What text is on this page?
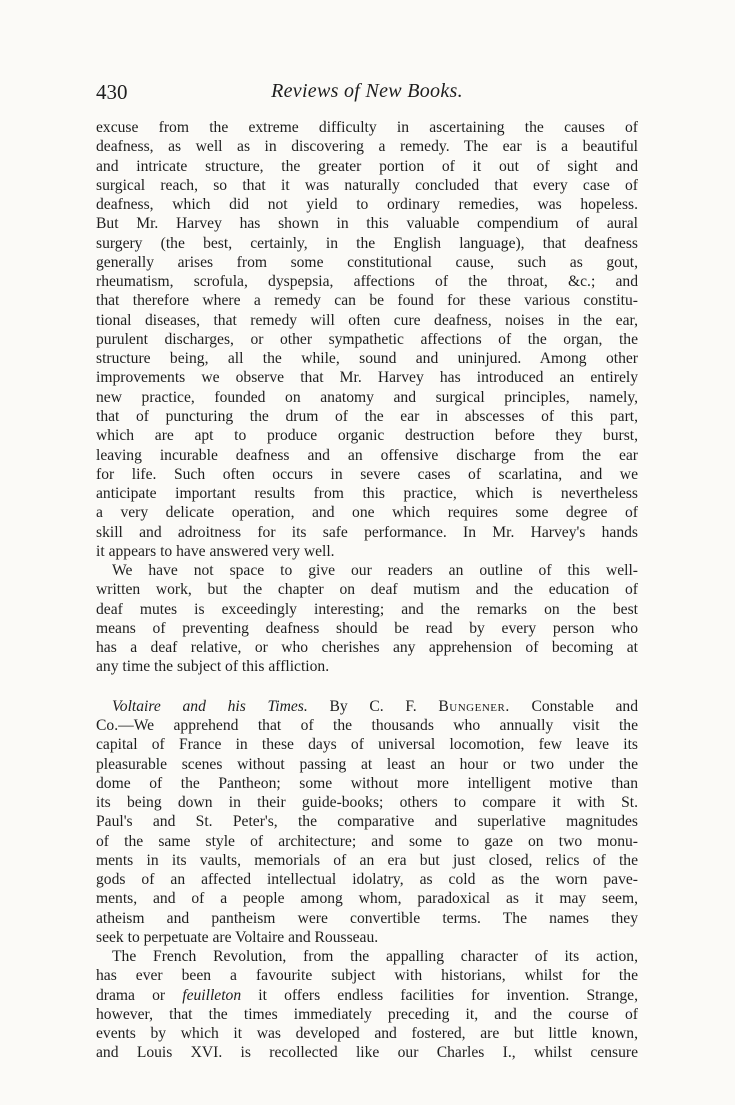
430	Reviews of New Books.
excuse from the extreme difficulty in ascertaining the causes of
deafness, as well as in discovering a remedy. The ear is a beautiful
and intricate structure, the greater portion of it out of sight and
surgical reach, so that it was naturally concluded that every case of
deafness, which did not yield to ordinary remedies, was hopeless.
But Mr. Harvey has shown in this valuable compendium of aural
surgery (the best, certainly, in the English language), that deafness
generally arises from some constitutional cause, such as gout,
rheumatism, scrofula, dyspepsia, affections of the throat, &c.; and
that therefore where a remedy can be found for these various constitu-
tional diseases, that remedy will often cure deafness, noises in the ear,
purulent discharges, or other sympathetic affections of the organ, the
structure being, all the while, sound and uninjured. Among other
improvements we observe that Mr. Harvey has introduced an entirely
new practice, founded on anatomy and surgical principles, namely,
that of puncturing the drum of the ear in abscesses of this part,
which are apt to produce organic destruction before they burst,
leaving incurable deafness and an offensive discharge from the ear
for life. Such often occurs in severe cases of scarlatina, and we
anticipate important results from this practice, which is nevertheless
a very delicate operation, and one which requires some degree of
skill and adroitness for its safe performance. In Mr. Harvey's hands
it appears to have answered very well.
We have not space to give our readers an outline of this well-
written work, but the chapter on deaf mutism and the education of
deaf mutes is exceedingly interesting; and the remarks on the best
means of preventing deafness should be read by every person who
has a deaf relative, or who cherishes any apprehension of becoming at
any time the subject of this affliction.
Voltaire and his Times. By C. F. Bungener. Constable and
Co.—We apprehend that of the thousands who annually visit the
capital of France in these days of universal locomotion, few leave its
pleasurable scenes without passing at least an hour or two under the
dome of the Pantheon; some without more intelligent motive than
its being down in their guide-books; others to compare it with St.
Paul's and St. Peter's, the comparative and superlative magnitudes
of the same style of architecture; and some to gaze on two monu-
ments in its vaults, memorials of an era but just closed, relics of the
gods of an affected intellectual idolatry, as cold as the worn pave-
ments, and of a people among whom, paradoxical as it may seem,
atheism and pantheism were convertible terms. The names they
seek to perpetuate are Voltaire and Rousseau.
The French Revolution, from the appalling character of its action,
has ever been a favourite subject with historians, whilst for the
drama or feuilleton it offers endless facilities for invention. Strange,
however, that the times immediately preceding it, and the course of
events by which it was developed and fostered, are but little known,
and Louis XVI. is recollected like our Charles I., whilst censure
